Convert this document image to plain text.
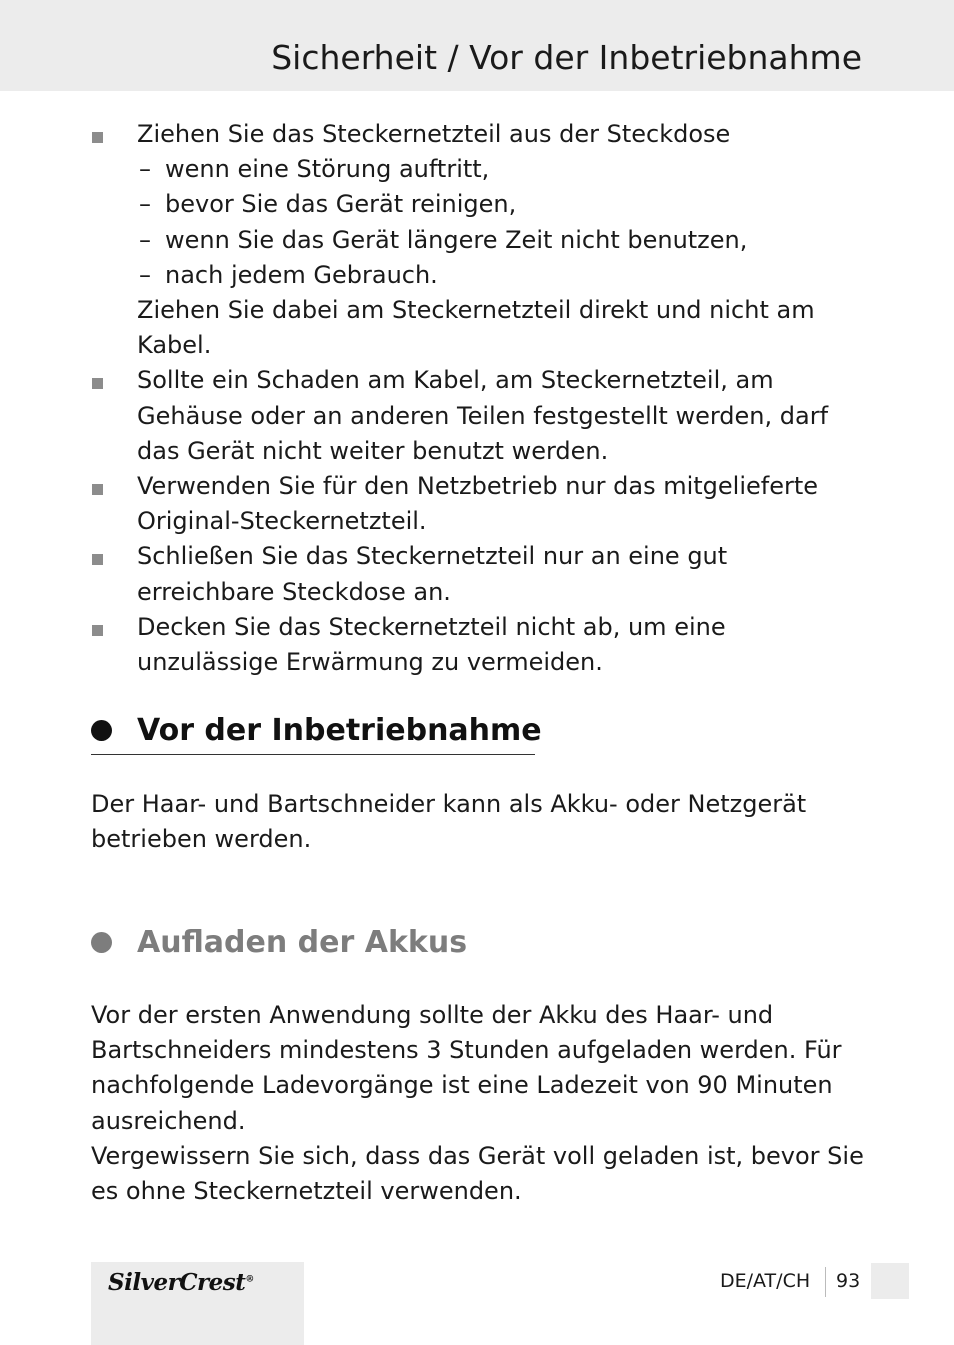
Sicherheit / Vor der Inbetriebnahme
Ziehen Sie das Steckernetzteil aus der Steckdose
– wenn eine Störung auftritt,
– bevor Sie das Gerät reinigen,
– wenn Sie das Gerät längere Zeit nicht benutzen,
– nach jedem Gebrauch.
Ziehen Sie dabei am Steckernetzteil direkt und nicht am Kabel.
Sollte ein Schaden am Kabel, am Steckernetzteil, am Gehäuse oder an anderen Teilen festgestellt werden, darf das Gerät nicht weiter benutzt werden.
Verwenden Sie für den Netzbetrieb nur das mitgelieferte Original-Steckernetzteil.
Schließen Sie das Steckernetzteil nur an eine gut erreichbare Steckdose an.
Decken Sie das Steckernetzteil nicht ab, um eine unzulässige Erwärmung zu vermeiden.
Vor der Inbetriebnahme
Der Haar- und Bartschneider kann als Akku- oder Netzgerät betrieben werden.
Aufladen der Akkus
Vor der ersten Anwendung sollte der Akku des Haar- und Bartschneiders mindestens 3 Stunden aufgeladen werden. Für nachfolgende Ladevorgänge ist eine Ladezeit von 90 Minuten ausreichend.
Vergewissern Sie sich, dass das Gerät voll geladen ist, bevor Sie es ohne Steckernetzteil verwenden.
SilverCrest®	DE/AT/CH 93
